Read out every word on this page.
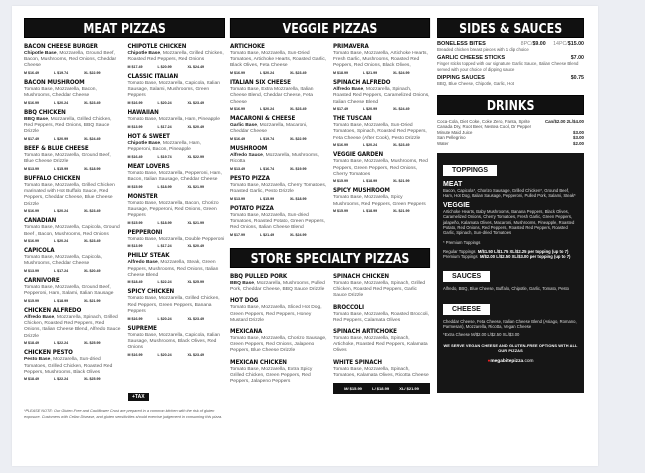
MEAT PIZZAS
BACON CHEESE BURGER
Chipotle Base, Mozzarella, Ground Beef, Bacon, Mushrooms, Red Onions, Cheddar Cheese
M $16.49	L $19.74	XL $22.99
BACON MUSHROOM
Tomato Base, Mozzarella, Bacon, Mushrooms, Cheddar Cheese
M $16.99	L $20.24	XL $23.49
BBQ CHICKEN
BBQ Base, Mozzarella, Grilled Chicken, Red Peppers, Red Onions, BBQ Sauce Drizzle
M $17.49	L $20.99	XL $24.49
BEEF & BLUE CHEESE
Tomato Base, Mozzarella, Ground Beef, Blue Cheese Drizzle
M $13.99	L $15.99	XL $18.99
BUFFALO CHICKEN
Tomato Base, Mozzarella, Grilled Chicken marinated with Hot Buffalo Sauce, Red Peppers, Cheddar Cheese, Blue Cheese Drizzle
M $16.99	L $20.24	XL $23.49
CANADIAN
Tomato Base, Mozzarella, Capicola, Ground Beef , Bacon, Mushrooms, Red Onions
M $16.99	L $20.24	XL $23.49
CAPICOLA
Tomato Base, Mozzarella, Capicola, Mushrooms, Cheddar Cheese
M $13.99	L $17.24	XL $20.49
CARNIVORE
Tomato Base, Mozzarella, Ground Beef, Pepperoni, Ham, Salami, Italian Sausage
M $15.99	L $18.99	XL $21.99
CHICKEN ALFREDO
Alfredo Base, Mozzarella, Spinach, Grilled Chicken, Roasted Red Peppers, Red Onions, Italian Cheese Blend, Alfredo Sauce Drizzle
M $18.49	L $22.24	XL $25.99
CHICKEN PESTO
Pesto Base, Mozzarella, Sun-dried Tomatoes, Grilled Chicken, Roasted Red Peppers, Mushrooms, Black Olives
M $18.49	L $22.24	XL $25.99
CHIPOTLE CHICKEN
Chipotle Base, Mozzarella, Grilled Chicken, Roasted Red Peppers, Red Onions
M $17.49	L $20.99	XL $24.49
CLASSIC ITALIAN
Tomato Base, Mozzarella, Capicola, Italian Sausage, Salami, Mushrooms, Green Peppers
M $16.99	L $20.24	XL $23.49
HAWAIIAN
Tomato Base, Mozzarella, Ham, Pineapple
M $13.99	L $17.24	XL $20.49
HOT & SWEET
Chipotle Base, Mozzarella, Ham, Pepperoni, Bacon, Pineapple
M $16.49	L $19.74	XL $22.99
MEAT LOVERS
Tomato Base, Mozzarella, Pepperoni, Ham, Bacon, Italian Sausage, Cheddar Cheese
M $15.99	L $18.99	XL $21.99
MONSTER
Tomato Base, Mozzarella, Bacon, Chorizo Sausage, Pepperoni, Red Onions, Green Peppers
M $15.99	L $18.99	XL $21.99
PEPPERONI
Tomato Base, Mozzarella, Double Pepperoni
M $13.99	L $17.24	XL $20.49
PHILLY STEAK
Alfredo Base, Mozzarella, Steak, Green Peppers, Mushrooms, Red Onions, Italian Cheese Blend
M $18.49	L $22.24	XL $25.99
SPICY CHICKEN
Tomato Base, Mozzarella, Grilled Chicken, Red Peppers, Green Peppers, Banana Peppers
M $16.99	L $20.24	XL $23.49
SUPREME
Tomato Base, Mozzarella, Capicola, Italian Sausage, Mushrooms, Black Olives, Red Onions
M $16.99	L $20.24	XL $23.49
+TAX
*PLEASE NOTE: Our Gluten-Free and Cauliflower Crust are prepared in a common kitchen with the risk of gluten exposure. Customers with Celiac Disease, and gluten sensitivities should exercise judgement in consuming this pizza.
VEGGIE PIZZAS
ARTICHOKE
Tomato Base, Mozzarella, Sun-Dried Tomatoes, Artichoke Hearts, Roasted Garlic, Black Olives, Feta Cheese
M $16.99	L $20.24	XL $23.49
ITALIAN SIX CHEESE
Tomato Base, Extra Mozzarella, Italian Cheese Blend, Cheddar Cheese, Feta Cheese
M $16.99	L $20.24	XL $23.49
MACARONI & CHEESE
Garlic Base, Mozzarella, Macaroni, Cheddar Cheese
M $16.49	L $19.74	XL $22.99
MUSHROOM
Alfredo Sauce, Mozzarella, Mushrooms, Ricotta
M $13.49	L $16.74	XL $19.99
PESTO PIZZA
Tomato Base, Mozzarella, Cherry Tomatoes, Roasted Garlic, Pesto Drizzle
M $13.99	L $15.99	XL $18.99
POTATO PIZZA
Tomato Base, Mozzarella, Sun-dried Tomatoes, Roasted Potato, Green Peppers, Red Onions, Italian Cheese Blend
M $17.99	L $21.49	XL $24.99
PRIMAVERA
Tomato Base, Mozzarella, Artichoke Hearts, Fresh Garlic, Mushrooms, Roasted Red Peppers, Red Onions, Black Olives,
M $18.99	L $21.99	XL $24.99
SPINACH ALFREDO
Alfredo Base, Mozzarella, Spinach, Roasted Red Peppers, Caramelized Onions, Italian Cheese Blend
M $17.49	L $20.99	XL $24.49
THE TUSCAN
Tomato Base, Mozzarella, Sun-Dried Tomatoes, Spinach, Roasted Red Peppers, Feta Cheese (After Cook), Pesto Drizzle
M $16.99	L $20.24	XL $23.49
VEGGIE GARDEN
Tomato Base, Mozzarella, Mushrooms, Red Peppers, Green Peppers, Red Onions, Cherry Tomatoes
M $15.99	L $18.99	XL $21.99
SPICY MUSHROOM
Tomato Base, Mozzarella, Spicy Mushrooms, Red Peppers, Green Peppers
M $15.99	L $18.99	XL $21.99
STORE SPECIALTY PIZZAS
BBQ PULLED PORK
BBQ Base, Mozzarella, Mushrooms, Pulled Pork, Cheddar Cheese, BBQ Sauce Drizzle
HOT DOG
Tomato Base, Mozzarella, Sliced Hot Dog, Green Peppers, Red Peppers, Honey Mustard Drizzle
MEXICANA
Tomato Base, Mozzarella, Chorizo Sausage, Green Peppers, Red Onions, Jalapeno Peppers, Blue Cheese Drizzle
MEXICAN CHICKEN
Tomato Base, Mozzarella, Extra Spicy Grilled Chicken, Green Peppers, Red Peppers, Jalapeno Peppers
SPINACH CHICKEN
Tomato Base, Mozzarella, Spinach, Grilled Chicken, Roasted Red Peppers, Garlic Sauce Drizzle
BROCCOLI
Tomato Base, Mozzarella, Roasted Broccoli, Red Peppers, Calamata Olives
SPINACH ARTICHOKE
Tomato Base, Mozzarella, Spinach, Artichoke, Roasted Red Peppers, Kalamata Olives
WHITE SPINACH
Tomato Base, Mozzarella, Spinach, Tomatoes, Kalamata Olives, Ricotta Cheese
M/ $15.99	L/ $18.99	XL/ $21.99
SIDES & SAUCES
BONELESS BITES	8PC/$9.00 14PC/$15.00
Breaded chicken breast pieces with 1 dip choice
GARLIC CHEESE STICKS	$7.00
Finger sticks topped with our signature Garlic Sauce, Italian Cheese Blend served with your choice of dipping sauce
DIPPING SAUCES	$0.75
BBQ, Blue Cheese, Chipotle, Garlic, Hot
DRINKS
Coca-Cola, Diet Coke, Coke Zero, Fanta, Sprite Canada Dry, Root Beer, Nestea Cool, Dr Pepper
Can/$2.00 2L/$4.00
Minute Maid Juice	$3.00
San Pellegrino	$3.00
Water	$2.00
TOPPINGS
MEAT
Bacon, Capicola*, Chorizo Sausage, Grilled Chicken*, Ground Beef, Ham, Hot Dog, Italian Sausage, Pepperoni, Pulled Pork, Salami, Steak*
VEGGIE
Artichoke Hearts, Baby Mushrooms, Banana Peppers, Black Olives, Caramelized Onions, Cherry Tomatoes, Fresh Garlic, Green Peppers, jalapeño, Kalamata Olives, Macaroni, Mushrooms, Pineapple, Roasted Potato, Red Onions, Red Peppers, Roasted Red Peppers, Roasted Garlic, Spinach, Sun-dried Tomatoes
* Premium Toppings
Regular Toppings M/$1.50 L/$1.75 XL/$2.25 per topping (up to 7)
Premium Toppings M/$2.00 L/$2.50 XL/$3.00 per topping (up to 7)
SAUCES
Alfredo, BBQ, Blue Cheese, Buffalo, Chipotle, Garlic, Tomato, Pesto
CHEESE
Cheddar Cheese, Feta Cheese, Italian Cheese Blend (Asiago, Romano, Parmesan), Mozzarella, Ricotta, Vegan Cheese
*Extra Cheese M/$2.00 L/$2.50 XL/$3.00
WE SERVE VEGAN CHEESE AND GLUTEN-FREE OPTIONS WITH ALL OUR PIZZAS
●megabitepizza.com
